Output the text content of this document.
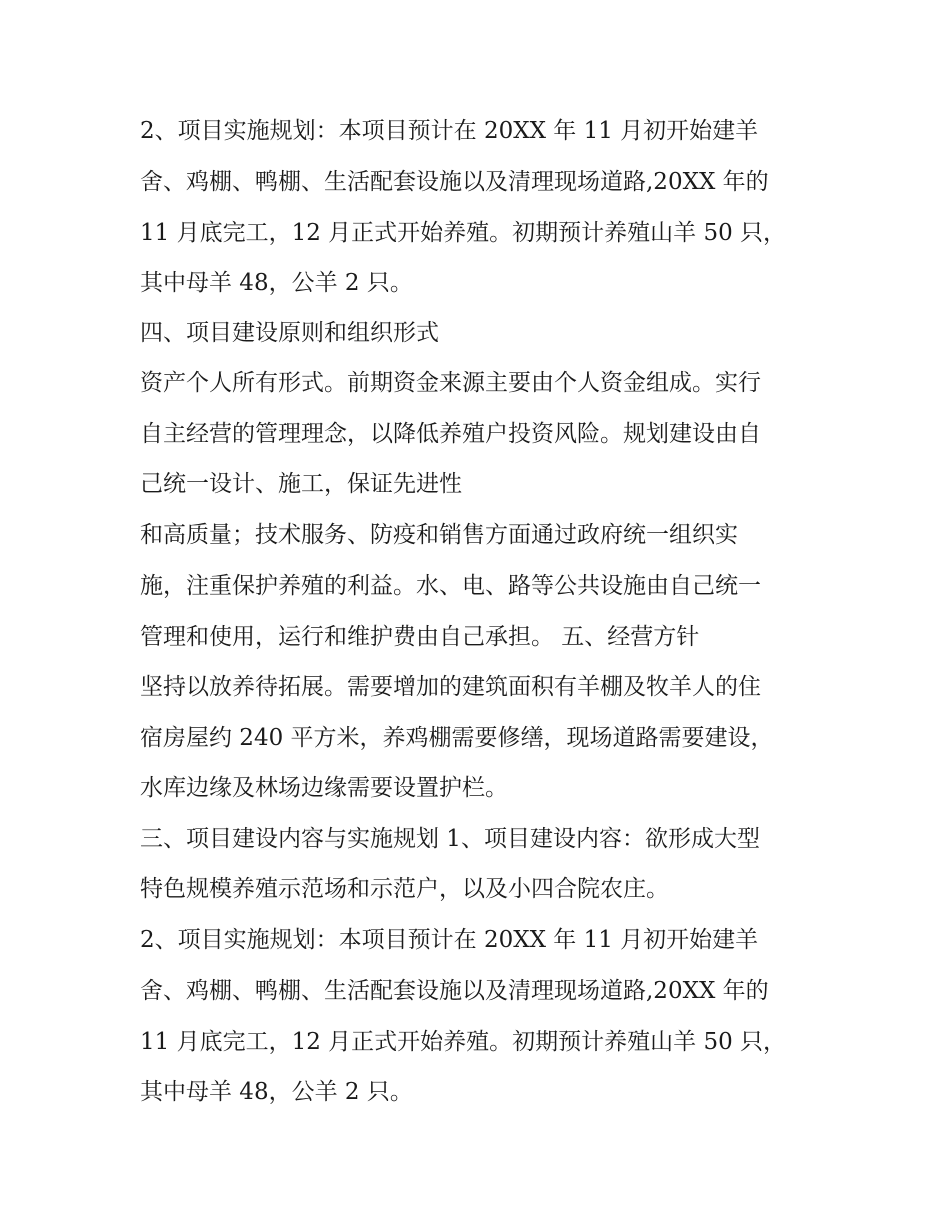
2、项目实施规划：本项目预计在 20XX 年 11 月初开始建羊
舍、鸡棚、鸭棚、生活配套设施以及清理现场道路,20XX 年的
11 月底完工，12 月正式开始养殖。初期预计养殖山羊 50 只，
其中母羊 48，公羊 2 只。
四、项目建设原则和组织形式
资产个人所有形式。前期资金来源主要由个人资金组成。实行
自主经营的管理理念，以降低养殖户投资风险。规划建设由自
己统一设计、施工，保证先进性
和高质量；技术服务、防疫和销售方面通过政府统一组织实
施，注重保护养殖的利益。水、电、路等公共设施由自己统一
管理和使用，运行和维护费由自己承担。 五、经营方针
坚持以放养待拓展。需要增加的建筑面积有羊棚及牧羊人的住
宿房屋约 240 平方米，养鸡棚需要修缮，现场道路需要建设，
水库边缘及林场边缘需要设置护栏。
三、项目建设内容与实施规划 1、项目建设内容：欲形成大型
特色规模养殖示范场和示范户，以及小四合院农庄。
2、项目实施规划：本项目预计在 20XX 年 11 月初开始建羊
舍、鸡棚、鸭棚、生活配套设施以及清理现场道路,20XX 年的
11 月底完工，12 月正式开始养殖。初期预计养殖山羊 50 只，
其中母羊 48，公羊 2 只。
